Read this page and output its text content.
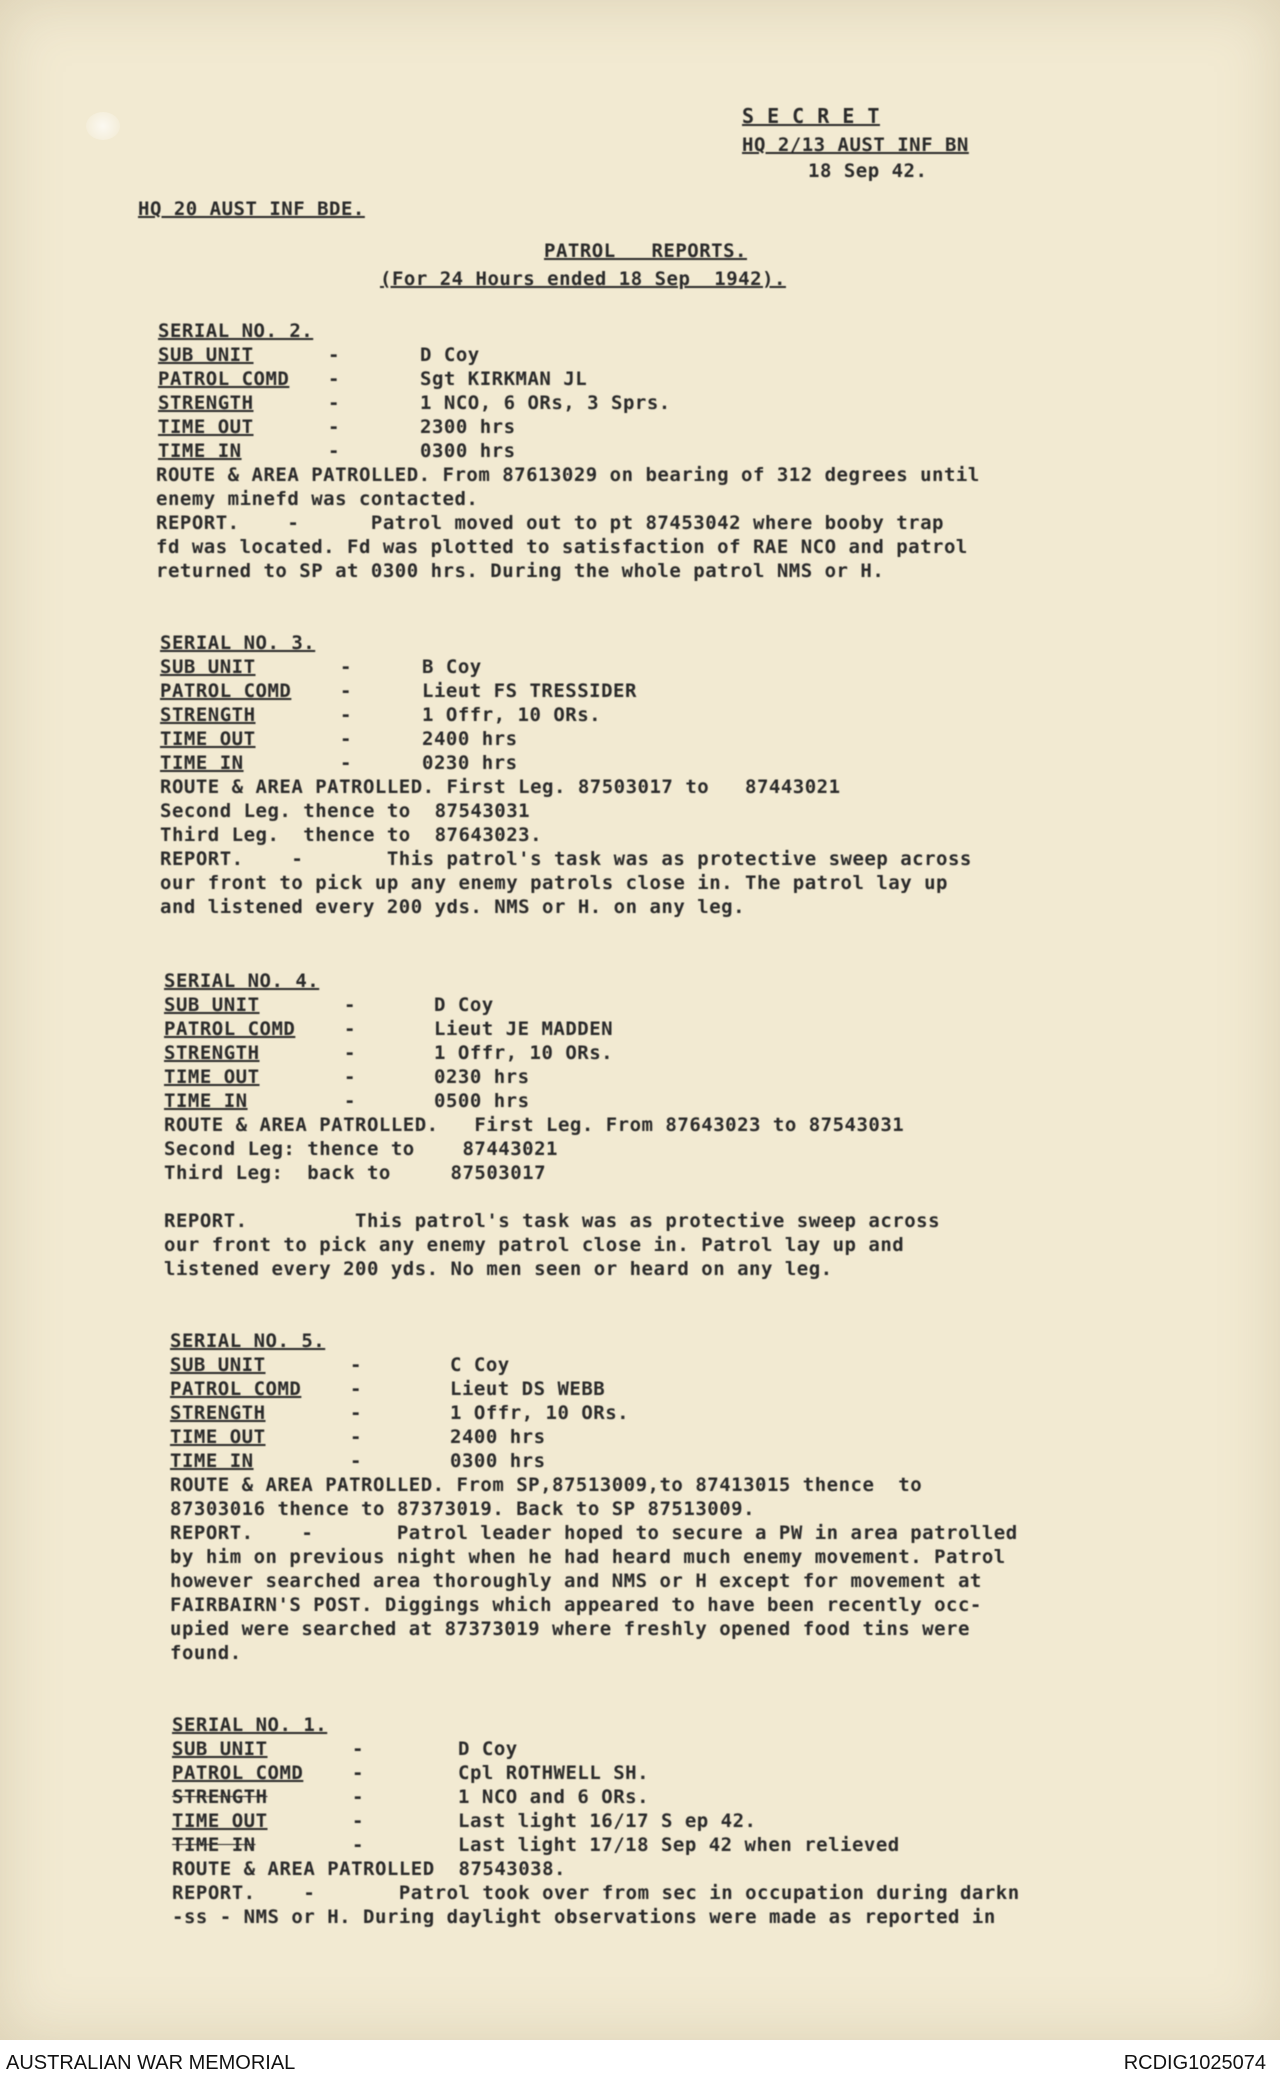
S E C R E T
HQ 2/13 AUST INF BN
18 Sep 42.
HQ 20 AUST INF BDE.
PATROL   REPORTS.
(For 24 Hours ended 18 Sep  1942).
SERIAL NO. 2.
SUB UNIT	-	D Coy
PATROL COMD -	Sgt KIRKMAN JL
STRENGTH	-	1 NCO, 6 ORs, 3 Sprs.
TIME OUT	-	2300 hrs
TIME IN	-	0300 hrs
ROUTE & AREA PATROLLED. From 87613029 on bearing of 312 degrees until
enemy minefd was contacted.
REPORT.    -      Patrol moved out to pt 87453042 where booby trap
fd was located. Fd was plotted to satisfaction of RAE NCO and patrol
returned to SP at 0300 hrs. During the whole patrol NMS or H.
SERIAL NO. 3.
SUB UNIT	-	B Coy
PATROL COMD	-	Lieut FS TRESSIDER
STRENGTH	-	1 Offr, 10 ORs.
TIME OUT	-	2400 hrs
TIME IN	-	0230 hrs
ROUTE & AREA PATROLLED. First Leg. 87503017 to   87443021
Second Leg. thence to  87543031
Third Leg.  thence to  87643023.
REPORT.    -       This patrol's task was as protective sweep across
our front to pick up any enemy patrols close in. The patrol lay up
and listened every 200 yds. NMS or H. on any leg.
SERIAL NO. 4.
SUB UNIT	-	D Coy
PATROL COMD	-	Lieut JE MADDEN
STRENGTH	-	1 Offr, 10 ORs.
TIME OUT	-	0230 hrs
TIME IN	-	0500 hrs
ROUTE & AREA PATROLLED.   First Leg. From 87643023 to 87543031
Second Leg: thence to    87443021
Third Leg:  back to     87503017
REPORT.         This patrol's task was as protective sweep across
our front to pick any enemy patrol close in. Patrol lay up and
listened every 200 yds. No men seen or heard on any leg.
SERIAL NO. 5.
SUB UNIT	-	C Coy
PATROL COMD	-	Lieut DS WEBB
STRENGTH	-	1 Offr, 10 ORs.
TIME OUT	-	2400 hrs
TIME IN	-	0300 hrs
ROUTE & AREA PATROLLED. From SP,87513009,to 87413015 thence  to
87303016 thence to 87373019. Back to SP 87513009.
REPORT.    -       Patrol leader hoped to secure a PW in area patrolled
by him on previous night when he had heard much enemy movement. Patrol
however searched area thoroughly and NMS or H except for movement at
FAIRBAIRN'S POST. Diggings which appeared to have been recently occ-
upied were searched at 87373019 where freshly opened food tins were
found.
SERIAL NO. 1.
SUB UNIT	-	D Coy
PATROL COMD	-	Cpl ROTHWELL SH.
STRENGTH	-	1 NCO and 6 ORs.
TIME OUT	-	Last light 16/17 S ep 42.
TIME IN	-	Last light 17/18 Sep 42 when relieved
ROUTE & AREA PATROLLED  87543038.
REPORT.    -       Patrol took over from sec in occupation during darkn
-ss - NMS or H. During daylight observations were made as reported in
AUSTRALIAN WAR MEMORIAL	RCDIG1025074
